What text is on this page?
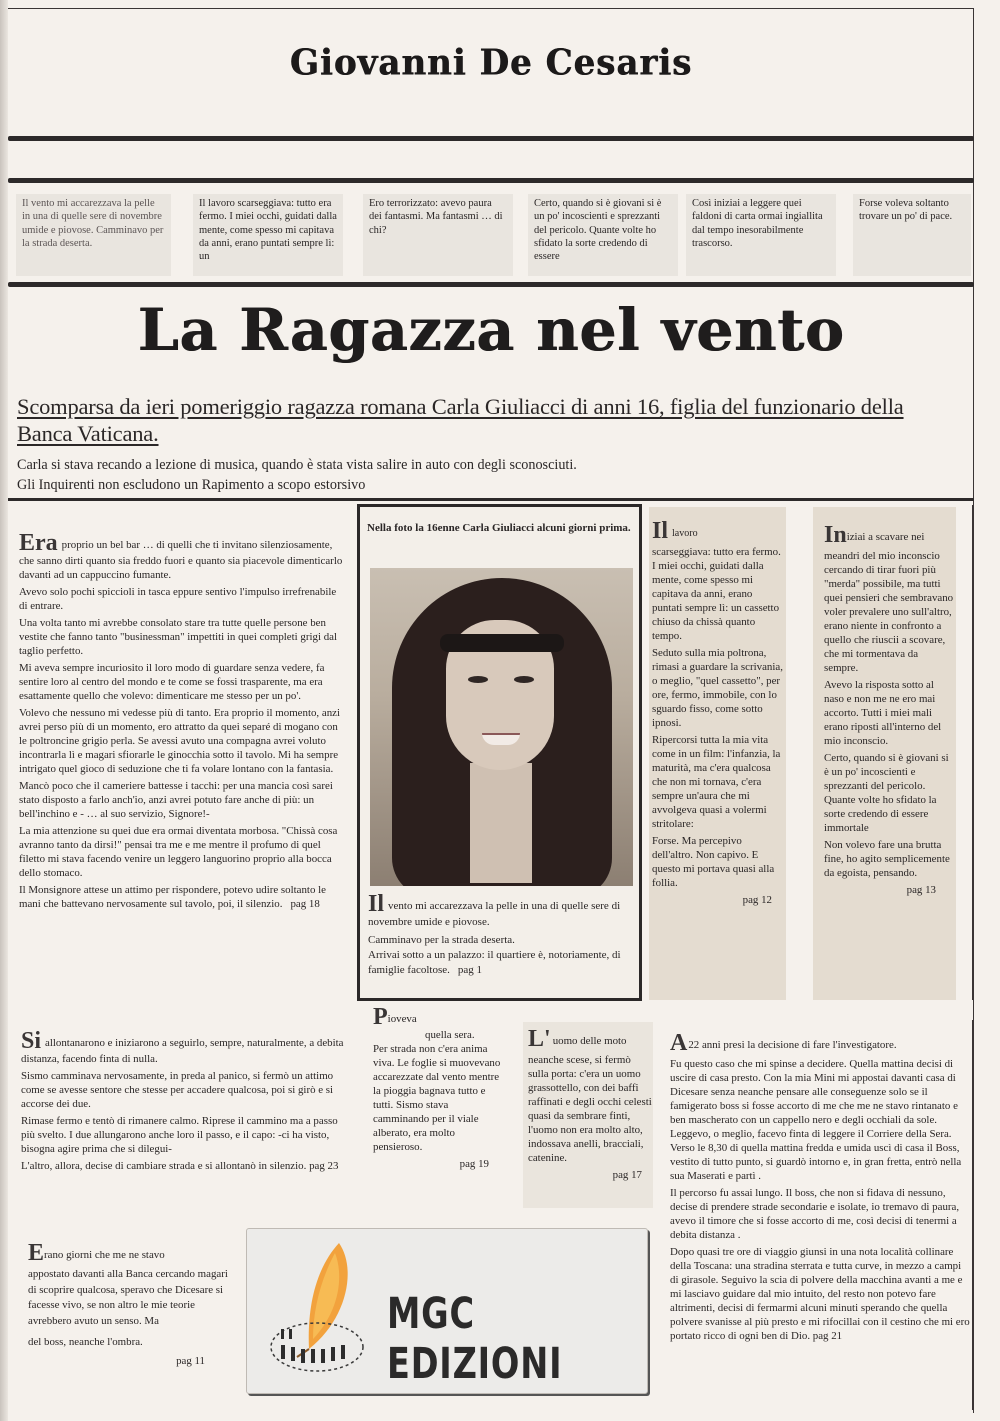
Giovanni De Cesaris
Il vento mi accarezzava la pelle in una di quelle sere di novembre umide e piovose. Camminavo per la strada deserta.
Il lavoro scarseggiava: tutto era fermo. I miei occhi, guidati dalla mente, come spesso mi capitava da anni, erano puntati sempre lì: un
Ero terrorizzato: avevo paura dei fantasmi. Ma fantasmi … di chi?
Certo, quando si è giovani si è un po' incoscienti e sprezzanti del pericolo. Quante volte ho sfidato la sorte credendo di essere
Così iniziai a leggere quei faldoni di carta ormai ingiallita dal tempo inesorabilmente trascorso.
Forse voleva soltanto trovare un po' di pace.
La Ragazza nel vento
Scomparsa da ieri pomeriggio ragazza romana Carla Giuliacci di anni 16, figlia del funzionario della Banca Vaticana.
Carla si stava recando a lezione di musica, quando è stata vista salire in auto con degli sconosciuti.
Gli Inquirenti non escludono un Rapimento a scopo estorsivo

Era proprio un bel bar … di quelli che ti invitano silenziosamente, che sanno dirti quanto sia freddo fuori e quanto sia piacevole dimenticarlo davanti ad un cappuccino fumante.

Avevo solo pochi spiccioli in tasca eppure sentivo l'impulso irrefrenabile di entrare.

Una volta tanto mi avrebbe consolato stare tra tutte quelle persone ben vestite che fanno tanto "businessman" impettiti in quei completi grigi dal taglio perfetto.

Mi aveva sempre incuriosito il loro modo di guardare senza vedere, fa sentire loro al centro del mondo e te come se fossi trasparente, ma era esattamente quello che volevo: dimenticare me stesso per un po'.

Volevo che nessuno mi vedesse più di tanto. Era proprio il momento, anzi avrei perso più di un momento, ero attratto da quei separé di mogano con le poltroncine grigio perla. Se avessi avuto una compagna avrei voluto incontrarla lì e magari sfiorarle le ginocchia sotto il tavolo. Mi ha sempre intrigato quel gioco di seduzione che ti fa volare lontano con la fantasia.

Mancò poco che il cameriere battesse i tacchi: per una mancia così sarei stato disposto a farlo anch'io, anzi avrei potuto fare anche di più: un bell'inchino e - … al suo servizio, Signore!-

La mia attenzione su quei due era ormai diventata morbosa. "Chissà cosa avranno tanto da dirsi!" pensai tra me e me mentre il profumo di quel filetto mi stava facendo venire un leggero languorino proprio alla bocca dello stomaco.

Il Monsignore attese un attimo per rispondere, potevo udire soltanto le mani che battevano nervosamente sul tavolo, poi, il silenzio. pag 18

Nella foto la 16enne Carla Giuliacci alcuni giorni prima.

Il vento mi accarezzava la pelle in una di quelle sere di novembre umide e piovose.

Camminavo per la strada deserta.

Arrivai sotto a un palazzo: il quartiere è, notoriamente, di famiglie facoltose. pag 1

Il lavoro

scarseggiava: tutto era fermo. I miei occhi, guidati dalla mente, come spesso mi capitava da anni, erano puntati sempre lì: un cassetto chiuso da chissà quanto tempo.

Seduto sulla mia poltrona, rimasi a guardare la scrivania, o meglio, "quel cassetto", per ore, fermo, immobile, con lo sguardo fisso, come sotto ipnosi.

Ripercorsi tutta la mia vita come in un film: l'infanzia, la maturità, ma c'era qualcosa che non mi tornava, c'era sempre un'aura che mi avvolgeva quasi a volermi stritolare:

Forse. Ma percepivo dell'altro. Non capivo. E questo mi portava quasi alla follia.

pag 12

Iniziai a scavare nei

meandri del mio inconscio cercando di tirar fuori più "merda" possibile, ma tutti quei pensieri che sembravano voler prevalere uno sull'altro, erano niente in confronto a quello che riuscii a scovare, che mi tormentava da sempre.

Avevo la risposta sotto al naso e non me ne ero mai accorto. Tutti i miei mali erano riposti all'interno del mio inconscio.

Certo, quando si è giovani si è un po' incoscienti e sprezzanti del pericolo. Quante volte ho sfidato la sorte credendo di essere immortale

Non volevo fare una brutta fine, ho agito semplicemente da egoista, pensando.

pag 13

Si allontanarono e iniziarono a seguirlo, sempre, naturalmente, a debita distanza, facendo finta di nulla.

Sismo camminava nervosamente, in preda al panico, si fermò un attimo come se avesse sentore che stesse per accadere qualcosa, poi si girò e si accorse dei due.

Rimase fermo e tentò di rimanere calmo. Riprese il cammino ma a passo più svelto. I due allungarono anche loro il passo, e il capo: -ci ha visto, bisogna agire prima che si dilegui-

L'altro, allora, decise di cambiare strada e si allontanò in silenzio. pag 23

Pioveva

quella sera.

Per strada non c'era anima viva. Le foglie si muovevano accarezzate dal vento mentre la pioggia bagnava tutto e tutti. Sismo stava camminando per il viale alberato, era molto pensieroso.

pag 19

L' uomo delle moto

neanche scese, si fermò sulla porta: c'era un uomo grassottello, con dei baffi raffinati e degli occhi celesti quasi da sembrare finti, l'uomo non era molto alto, indossava anelli, bracciali, catenine.

pag 17

A22 anni presi la decisione di fare l'investigatore.

Fu questo caso che mi spinse a decidere. Quella mattina decisi di uscire di casa presto. Con la mia Mini mi appostai davanti casa di Dicesare senza neanche pensare alle conseguenze solo se il famigerato boss si fosse accorto di me che me ne stavo rintanato e ben mascherato con un cappello nero e degli occhiali da sole. Leggevo, o meglio, facevo finta di leggere il Corriere della Sera. Verso le 8,30 di quella mattina fredda e umida uscì di casa il Boss, vestito di tutto punto, si guardò intorno e, in gran fretta, entrò nella sua Maserati e partì .

Il percorso fu assai lungo. Il boss, che non si fidava di nessuno, decise di prendere strade secondarie e isolate, io tremavo di paura, avevo il timore che si fosse accorto di me, così decisi di tenermi a debita distanza .

Dopo quasi tre ore di viaggio giunsi in una nota località collinare della Toscana: una stradina sterrata e tutta curve, in mezzo a campi di girasole. Seguivo la scia di polvere della macchina avanti a me e mi lasciavo guidare dal mio intuito, del resto non potevo fare altrimenti, decisi di fermarmi alcuni minuti sperando che quella polvere svanisse al più presto e mi rifocillai con il cestino che mi ero portato ricco di ogni ben di Dio. pag 21

Erano giorni che me ne stavo

appostato davanti alla Banca cercando magari di scoprire qualcosa, speravo che Dicesare si facesse vivo, se non altro le mie teorie avrebbero avuto un senso. Ma

del boss, neanche l'ombra.

pag 11

MGC EDIZIONI
